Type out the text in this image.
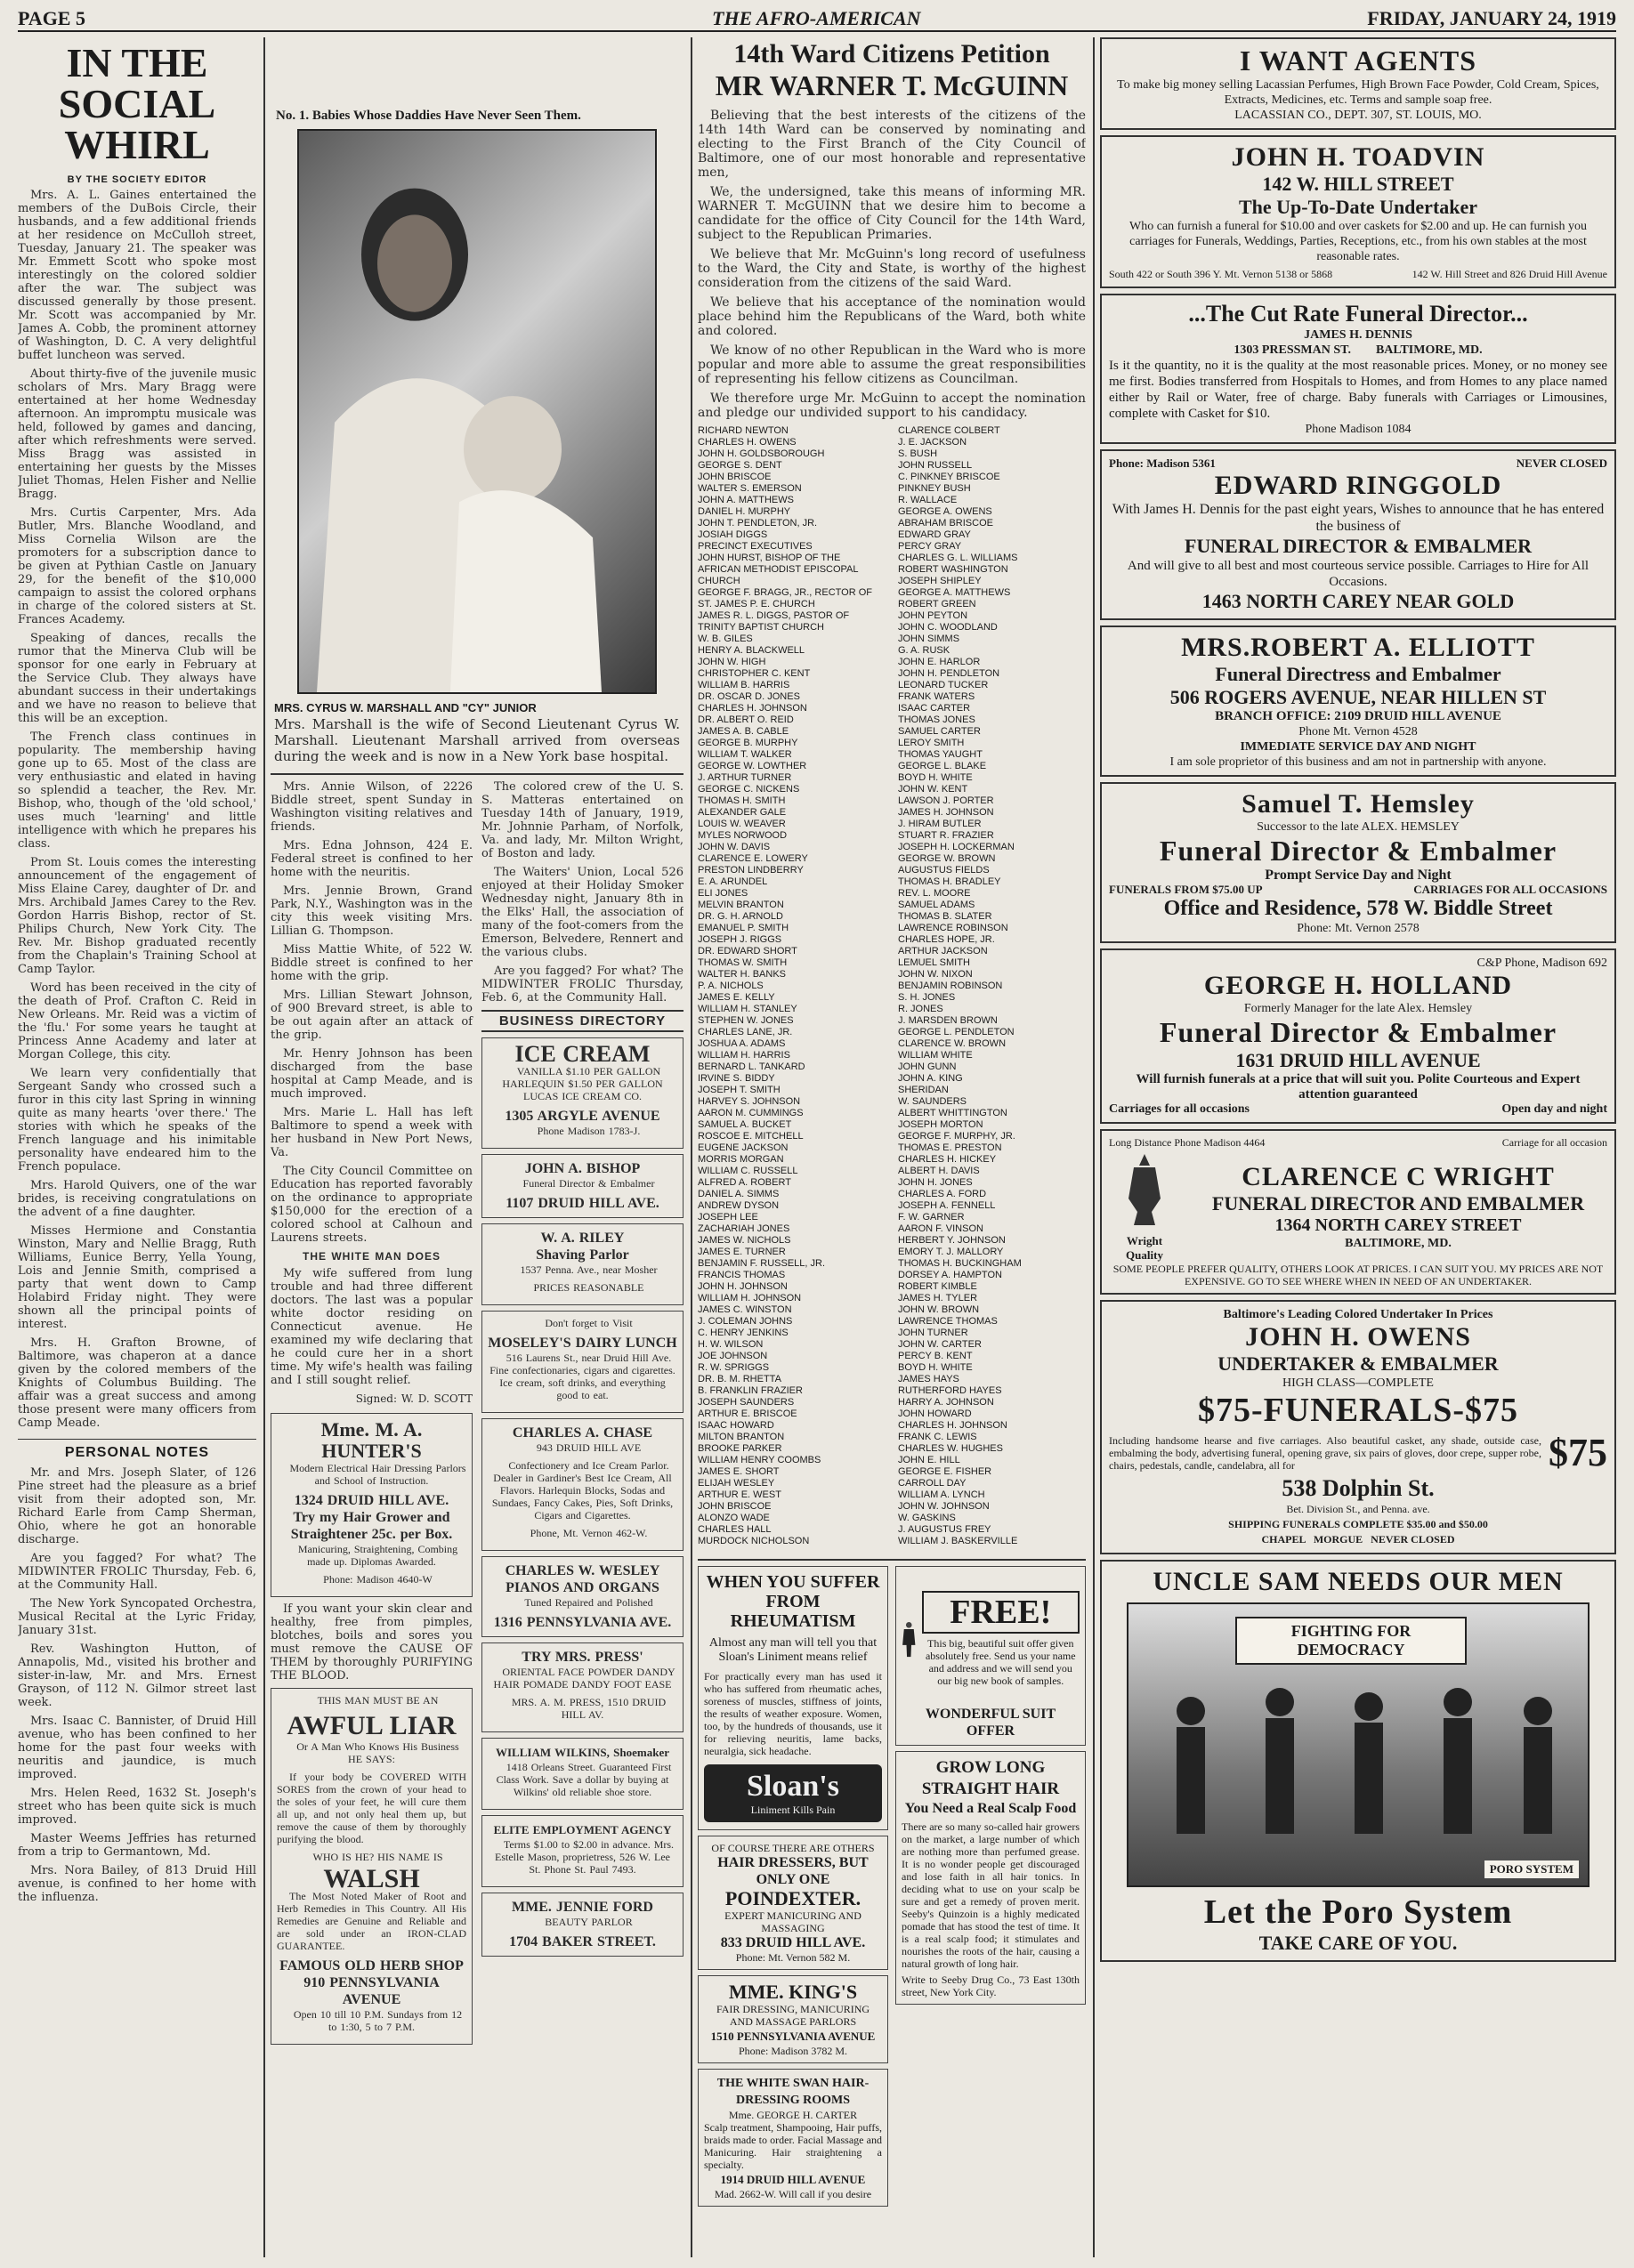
PAGE 5	THE AFRO-AMERICAN	FRIDAY, JANUARY 24, 1919
IN THE SOCIAL WHIRL
BY THE SOCIETY EDITOR

Mrs. A. L. Gaines entertained the members of the DuBois Circle, their husbands, and a few additional friends at her residence on McCulloh street, Tuesday, January 21. The speaker was Mr. Emmett Scott who spoke most interestingly on the colored soldier after the war. The subject was discussed generally by those present. Mr. Scott was accompanied by Mr. James A. Cobb, the prominent attorney of Washington, D. C. A very delightful buffet luncheon was served.

About thirty-five of the juvenile music scholars of Mrs. Mary Bragg were entertained at her home Wednesday afternoon. An impromptu musicale was held, followed by games and dancing, after which refreshments were served. Miss Bragg was assisted in entertaining her guests by the Misses Juliet Thomas, Helen Fisher and Nellie Bragg.

Mrs. Curtis Carpenter, Mrs. Ada Butler, Mrs. Blanche Woodland, and Miss Cornelia Wilson are the promoters for a subscription dance to be given at Pythian Castle on January 29, for the benefit of the $10,000 campaign to assist the colored orphans in charge of the colored sisters at St. Frances Academy.

Speaking of dances, recalls the rumor that the Minerva Club will be sponsor for one early in February at the Service Club. They always have abundant success in their undertakings and we have no reason to believe that this will be an exception.

The French class continues in popularity. The membership having gone up to 65. Most of the class are very enthusiastic and elated in having so splendid a teacher, the Rev. Mr. Bishop, who, though of the 'old school,' uses much 'learning' and little intelligence with which he prepares his class.

Prom St. Louis comes the interesting announcement of the engagement of Miss Elaine Carey, daughter of Dr. and Mrs. Archibald James Carey to the Rev. Gordon Harris Bishop, rector of St. Philips Church, New York City. The Rev. Mr. Bishop graduated recently from the Chaplain's Training School at Camp Taylor.

Word has been received in the city of the death of Prof. Crafton C. Reid in New Orleans. Mr. Reid was a victim of the 'flu.' For some years he taught at Princess Anne Academy and later at Morgan College, this city.

We learn very confidentially that Sergeant Sandy who crossed such a furor in this city last Spring in winning quite as many hearts 'over there.' The stories with which he speaks of the French language and his inimitable personality have endeared him to the French populace.

Mrs. Harold Quivers, one of the war brides, is receiving congratulations on the advent of a fine daughter.

Misses Hermione and Constantia Winston, Mary and Nellie Bragg, Ruth Williams, Eunice Berry, Yella Young, Lois and Jennie Smith, comprised a party that went down to Camp Holabird Friday night. They were shown all the principal points of interest.

Mrs. H. Grafton Browne, of Baltimore, was chaperon at a dance given by the colored members of the Knights of Columbus Building. The affair was a great success and among those present were many officers from Camp Meade.

PERSONAL NOTES

Mr. and Mrs. Joseph Slater, of 126 Pine street had the pleasure as a brief visit from their adopted son, Mr. Richard Earle from Camp Sherman, Ohio, where he got an honorable discharge.

Are you fagged? For what? The MIDWINTER FROLIC Thursday, Feb. 6, at the Community Hall.

The New York Syncopated Orchestra, Musical Recital at the Lyric Friday, January 31st.

Rev. Washington Hutton, of Annapolis, Md., visited his brother and sister-in-law, Mr. and Mrs. Ernest Grayson, of 112 N. Gilmor street last week.

Mrs. Isaac C. Bannister, of Druid Hill avenue, who has been confined to her home for the past four weeks with neuritis and jaundice, is much improved.

Mrs. Helen Reed, 1632 St. Joseph's street who has been quite sick is much improved.

Master Weems Jeffries has returned from a trip to Germantown, Md.

Mrs. Nora Bailey, of 813 Druid Hill avenue, is confined to her home with the influenza.

No. 1. Babies Whose Daddies Have Never Seen Them.
MRS. CYRUS W. MARSHALL AND "CY" JUNIOR
Mrs. Marshall is the wife of Second Lieutenant Cyrus W. Marshall. Lieutenant Marshall arrived from overseas during the week and is now in a New York base hospital.

Mrs. Annie Wilson, of 2226 Biddle street, spent Sunday in Washington visiting relatives and friends.

Mrs. Edna Johnson, 424 E. Federal street is confined to her home with the neuritis.

Mrs. Jennie Brown, Grand Park, N.Y., Washington was in the city this week visiting Mrs. Lillian G. Thompson.

Miss Mattie White, of 522 W. Biddle street is confined to her home with the grip.

Mrs. Lillian Stewart Johnson, of 900 Brevard street, is able to be out again after an attack of the grip.

Mr. Henry Johnson has been discharged from the base hospital at Camp Meade, and is much improved.

Mrs. Marie L. Hall has left Baltimore to spend a week with her husband in New Port News, Va.

The City Council Committee on Education has reported favorably on the ordinance to appropriate $150,000 for the erection of a colored school at Calhoun and Laurens streets.

THE WHITE MAN DOES

My wife suffered from lung trouble and had three different doctors. The last was a popular white doctor residing on Connecticut avenue. He examined my wife declaring that he could cure her in a short time. My wife's health was failing and I still sought relief.

Signed: W. D. SCOTT
Mme. M. A. HUNTER'S

Modern Electrical Hair Dressing Parlors and School of Instruction.

1324 DRUID HILL AVE.
Try my Hair Grower and Straightener 25c. per Box.

Manicuring, Straightening, Combing made up. Diplomas Awarded.

Phone: Madison 4640-W

If you want your skin clear and healthy, free from pimples, blotches, boils and sores you must remove the CAUSE OF THEM by thoroughly PURIFYING THE BLOOD.

THIS MAN MUST BE AN

AWFUL LIAR

Or A Man Who Knows His Business HE SAYS:

If your body be COVERED WITH SORES from the crown of your head to the soles of your feet, he will cure them all up, and not only heal them up, but remove the cause of them by thoroughly purifying the blood.

WHO IS HE? HIS NAME IS

WALSH

The Most Noted Maker of Root and Herb Remedies in This Country. All His Remedies are Genuine and Reliable and are sold under an IRON-CLAD GUARANTEE.

FAMOUS OLD HERB SHOP
910 PENNSYLVANIA AVENUE

Open 10 till 10 P.M. Sundays from 12 to 1:30, 5 to 7 P.M.

The colored crew of the U. S. S. Matteras entertained on Tuesday 14th of January, 1919, Mr. Johnnie Parham, of Norfolk, Va. and lady, Mr. Milton Wright, of Boston and lady.

The Waiters' Union, Local 526 enjoyed at their Holiday Smoker Wednesday night, January 8th in the Elks' Hall, the association of many of the foot-comers from the Emerson, Belvedere, Rennert and the various clubs.

Are you fagged? For what? The MIDWINTER FROLIC Thursday, Feb. 6, at the Community Hall.

BUSINESS DIRECTORY
ICE CREAM

VANILLA $1.10 PER GALLON HARLEQUIN $1.50 PER GALLON LUCAS ICE CREAM CO.

1305 ARGYLE AVENUE

Phone Madison 1783-J.

JOHN A. BISHOP

Funeral Director & Embalmer

1107 DRUID HILL AVE.
W. A. RILEY
Shaving Parlor

1537 Penna. Ave., near Mosher

PRICES REASONABLE

Don't forget to Visit

MOSELEY'S DAIRY LUNCH

516 Laurens St., near Druid Hill Ave. Fine confectionaries, cigars and cigarettes. Ice cream, soft drinks, and everything good to eat.

CHARLES A. CHASE

943 DRUID HILL AVE

Confectionery and Ice Cream Parlor. Dealer in Gardiner's Best Ice Cream, All Flavors. Harlequin Blocks, Sodas and Sundaes, Fancy Cakes, Pies, Soft Drinks, Cigars and Cigarettes.

Phone, Mt. Vernon 462-W.

CHARLES W. WESLEY
PIANOS AND ORGANS

Tuned Repaired and Polished

1316 PENNSYLVANIA AVE.
TRY MRS. PRESS'

ORIENTAL FACE POWDER DANDY HAIR POMADE DANDY FOOT EASE

MRS. A. M. PRESS, 1510 DRUID HILL AV.

WILLIAM WILKINS, Shoemaker

1418 Orleans Street. Guaranteed First Class Work. Save a dollar by buying at Wilkins' old reliable shoe store.

ELITE EMPLOYMENT AGENCY

Terms $1.00 to $2.00 in advance. Mrs. Estelle Mason, proprietress, 526 W. Lee St. Phone St. Paul 7493.

MME. JENNIE FORD

BEAUTY PARLOR

1704 BAKER STREET.
14th Ward Citizens Petition
MR WARNER T. McGUINN

Believing that the best interests of the citizens of the 14th 14th Ward can be conserved by nominating and electing to the First Branch of the City Council of Baltimore, one of our most honorable and representative men,

We, the undersigned, take this means of informing MR. WARNER T. McGUINN that we desire him to become a candidate for the office of City Council for the 14th Ward, subject to the Republican Primaries.

We believe that Mr. McGuinn's long record of usefulness to the Ward, the City and State, is worthy of the highest consideration from the citizens of the said Ward.

We believe that his acceptance of the nomination would place behind him the Republicans of the Ward, both white and colored.

We know of no other Republican in the Ward who is more popular and more able to assume the great responsibilities of representing his fellow citizens as Councilman.

We therefore urge Mr. McGuinn to accept the nomination and pledge our undivided support to his candidacy.

RICHARD NEWTON
CHARLES H. OWENS
JOHN H. GOLDSBOROUGH
GEORGE S. DENT
JOHN BRISCOE
WALTER S. EMERSON
JOHN A. MATTHEWS
DANIEL H. MURPHY
JOHN T. PENDLETON, JR.
JOSIAH DIGGS
PRECINCT EXECUTIVES
JOHN HURST, BISHOP OF THE AFRICAN METHODIST EPISCOPAL CHURCH
GEORGE F. BRAGG, JR., RECTOR OF ST. JAMES P. E. CHURCH
JAMES R. L. DIGGS, PASTOR OF TRINITY BAPTIST CHURCH
W. B. GILES
HENRY A. BLACKWELL
JOHN W. HIGH
CHRISTOPHER C. KENT
WILLIAM B. HARRIS
DR. OSCAR D. JONES
CHARLES H. JOHNSON
DR. ALBERT O. REID
JAMES A. B. CABLE
GEORGE B. MURPHY
WILLIAM T. WALKER
GEORGE W. LOWTHER
J. ARTHUR TURNER
GEORGE C. NICKENS
THOMAS H. SMITH
ALEXANDER GALE
LOUIS W. WEAVER
MYLES NORWOOD
JOHN W. DAVIS
CLARENCE E. LOWERY
PRESTON LINDBERRY
E. A. ARUNDEL
ELI JONES
MELVIN BRANTON
DR. G. H. ARNOLD
EMANUEL P. SMITH
JOSEPH J. RIGGS
DR. EDWARD SHORT
THOMAS W. SMITH
WALTER H. BANKS
P. A. NICHOLS
JAMES E. KELLY
WILLIAM H. STANLEY
STEPHEN W. JONES
CHARLES LANE, JR.
JOSHUA A. ADAMS
WILLIAM H. HARRIS
BERNARD L. TANKARD
IRVINE S. BIDDY
JOSEPH T. SMITH
HARVEY S. JOHNSON
AARON M. CUMMINGS
SAMUEL A. BUCKET
ROSCOE E. MITCHELL
EUGENE JACKSON
MORRIS MORGAN
WILLIAM C. RUSSELL
ALFRED A. ROBERT
DANIEL A. SIMMS
ANDREW DYSON
JOSEPH LEE
ZACHARIAH JONES
JAMES W. NICHOLS
JAMES E. TURNER
BENJAMIN F. RUSSELL, JR.
FRANCIS THOMAS
JOHN H. JOHNSON
WILLIAM H. JOHNSON
JAMES C. WINSTON
J. COLEMAN JOHNS
C. HENRY JENKINS
H. W. WILSON
JOE JOHNSON
R. W. SPRIGGS
DR. B. M. RHETTA
B. FRANKLIN FRAZIER
JOSEPH SAUNDERS
ARTHUR E. BRISCOE
ISAAC HOWARD
MILTON BRANTON
BROOKE PARKER
WILLIAM HENRY COOMBS
JAMES E. SHORT
ELIJAH WESLEY
ARTHUR E. WEST
JOHN BRISCOE
ALONZO WADE
CHARLES HALL
MURDOCK NICHOLSON
CLARENCE COLBERT
J. E. JACKSON
S. BUSH
JOHN RUSSELL
C. PINKNEY BRISCOE
PINKNEY BUSH
R. WALLACE
GEORGE A. OWENS
ABRAHAM BRISCOE
EDWARD GRAY
PERCY GRAY
CHARLES G. L. WILLIAMS
ROBERT WASHINGTON
JOSEPH SHIPLEY
GEORGE A. MATTHEWS
ROBERT GREEN
JOHN PEYTON
JOHN C. WOODLAND
JOHN SIMMS
G. A. RUSK
JOHN E. HARLOR
JOHN H. PENDLETON
LEONARD TUCKER
FRANK WATERS
ISAAC CARTER
THOMAS JONES
SAMUEL CARTER
LEROY SMITH
THOMAS YAUGHT
GEORGE L. BLAKE
BOYD H. WHITE
JOHN W. KENT
LAWSON J. PORTER
JAMES H. JOHNSON
J. HIRAM BUTLER
STUART R. FRAZIER
JOSEPH H. LOCKERMAN
GEORGE W. BROWN
AUGUSTUS FIELDS
THOMAS H. BRADLEY
REV. L. MOORE
SAMUEL ADAMS
THOMAS B. SLATER
LAWRENCE ROBINSON
CHARLES HOPE, JR.
ARTHUR JACKSON
LEMUEL SMITH
JOHN W. NIXON
BENJAMIN ROBINSON
S. H. JONES
R. JONES
J. MARSDEN BROWN
GEORGE L. PENDLETON
CLARENCE W. BROWN
WILLIAM WHITE
JOHN GUNN
JOHN A. KING
SHERIDAN
W. SAUNDERS
ALBERT WHITTINGTON
JOSEPH MORTON
GEORGE F. MURPHY, JR.
THOMAS E. PRESTON
CHARLES H. HICKEY
ALBERT H. DAVIS
JOHN H. JONES
CHARLES A. FORD
JOSEPH A. FENNELL
F. W. GARNER
AARON F. VINSON
HERBERT Y. JOHNSON
EMORY T. J. MALLORY
THOMAS H. BUCKINGHAM
DORSEY A. HAMPTON
ROBERT KIMBLE
JAMES H. TYLER
JOHN W. BROWN
LAWRENCE THOMAS
JOHN TURNER
JOHN W. CARTER
PERCY B. KENT
BOYD H. WHITE
JAMES HAYS
RUTHERFORD HAYES
HARRY A. JOHNSON
JOHN HOWARD
CHARLES H. JOHNSON
FRANK C. LEWIS
CHARLES W. HUGHES
JOHN E. HILL
GEORGE E. FISHER
CARROLL DAY
WILLIAM A. LYNCH
JOHN W. JOHNSON
W. GASKINS
J. AUGUSTUS FREY
WILLIAM J. BASKERVILLE
WHEN YOU SUFFER FROM RHEUMATISM

Almost any man will tell you that Sloan's Liniment means relief

For practically every man has used it who has suffered from rheumatic aches, soreness of muscles, stiffness of joints, the results of weather exposure. Women, too, by the hundreds of thousands, use it for relieving neuritis, lame backs, neuralgia, sick headache.

Sloan's
Liniment Kills Pain

OF COURSE THERE ARE OTHERS

HAIR DRESSERS, BUT ONLY ONE
POINDEXTER.

EXPERT MANICURING AND MASSAGING

833 DRUID HILL AVE.

Phone: Mt. Vernon 582 M.

MME. KING'S

FAIR DRESSING, MANICURING AND MASSAGE PARLORS

1510 PENNSYLVANIA AVENUE

Phone: Madison 3782 M.

THE WHITE SWAN HAIR-DRESSING ROOMS

Mme. GEORGE H. CARTER

Scalp treatment, Shampooing, Hair puffs, braids made to order. Facial Massage and Manicuring. Hair straightening a specialty.

1914 DRUID HILL AVENUE

Mad. 2662-W. Will call if you desire

FREE!

This big, beautiful suit offer given absolutely free. Send us your name and address and we will send you our big new book of samples.

WONDERFUL SUIT OFFER
GROW LONG STRAIGHT HAIR
You Need a Real Scalp Food

There are so many so-called hair growers on the market, a large number of which are nothing more than perfumed grease. It is no wonder people get discouraged and lose faith in all hair tonics. In deciding what to use on your scalp be sure and get a remedy of proven merit. Seeby's Quinzoin is a highly medicated pomade that has stood the test of time. It is a real scalp food; it stimulates and nourishes the roots of the hair, causing a natural growth of long hair.

Write to Seeby Drug Co., 73 East 130th street, New York City.

I WANT AGENTS
To make big money selling Lacassian Perfumes, High Brown Face Powder, Cold Cream, Spices, Extracts, Medicines, etc. Terms and sample soap free.
LACASSIAN CO., DEPT. 307, ST. LOUIS, MO.
JOHN H. TOADVIN
142 W. HILL STREET
The Up-To-Date Undertaker
Who can furnish a funeral for $10.00 and over caskets for $2.00 and up. He can furnish you carriages for Funerals, Weddings, Parties, Receptions, etc., from his own stables at the most reasonable rates.
South 422 or South 396 Y. Mt. Vernon 5138 or 5868	142 W. Hill Street and 826 Druid Hill Avenue
...The Cut Rate Funeral Director...
JAMES H. DENNIS
1303 PRESSMAN ST.        BALTIMORE, MD.
Is it the quantity, no it is the quality at the most reasonable prices. Money, or no money see me first. Bodies transferred from Hospitals to Homes, and from Homes to any place named either by Rail or Water, free of charge. Baby funerals with Carriages or Limousines, complete with Casket for $10.
Phone Madison 1084
Phone: Madison 5361	NEVER CLOSED
EDWARD RINGGOLD
With James H. Dennis for the past eight years, Wishes to announce that he has entered the business of
FUNERAL DIRECTOR & EMBALMER
And will give to all best and most courteous service possible. Carriages to Hire for All Occasions.
1463 NORTH CAREY NEAR GOLD
MRS.ROBERT A. ELLIOTT
Funeral Directress and Embalmer
506 ROGERS AVENUE, NEAR HILLEN ST
BRANCH OFFICE: 2109 DRUID HILL AVENUE
Phone Mt. Vernon 4528
IMMEDIATE SERVICE DAY AND NIGHT
I am sole proprietor of this business and am not in partnership with anyone.
Samuel T. Hemsley
Successor to the late ALEX. HEMSLEY
Funeral Director & Embalmer
Prompt Service Day and Night
FUNERALS FROM $75.00 UP	CARRIAGES FOR ALL OCCASIONS
Office and Residence, 578 W. Biddle Street
Phone: Mt. Vernon 2578
C&P Phone, Madison 692
GEORGE H. HOLLAND
Formerly Manager for the late Alex. Hemsley
Funeral Director & Embalmer
1631 DRUID HILL AVENUE
Will furnish funerals at a price that will suit you. Polite Courteous and Expert attention guaranteed
Carriages for all occasions	Open day and night
Long Distance Phone Madison 4464	Carriage for all occasion
Wright Quality
CLARENCE C WRIGHT
FUNERAL DIRECTOR AND EMBALMER
1364 NORTH CAREY STREET
BALTIMORE, MD.
SOME PEOPLE PREFER QUALITY, OTHERS LOOK AT PRICES. I CAN SUIT YOU. MY PRICES ARE NOT EXPENSIVE. GO TO SEE WHERE WHEN IN NEED OF AN UNDERTAKER.
Baltimore's Leading Colored Undertaker In Prices
JOHN H. OWENS
UNDERTAKER & EMBALMER
HIGH CLASS—COMPLETE
$75-FUNERALS-$75
Including handsome hearse and five carriages. Also beautiful casket, any shade, outside case, embalming the body, advertising funeral, opening grave, six pairs of gloves, door crepe, supper robe, chairs, pedestals, candle, candelabra, all for	$75
538 Dolphin St.
Bet. Division St., and Penna. ave.
SHIPPING FUNERALS COMPLETE $35.00 and $50.00
CHAPEL   MORGUE   NEVER CLOSED
UNCLE SAM NEEDS OUR MEN
FIGHTING FOR DEMOCRACY
PORO SYSTEM
Let the Poro System
TAKE CARE OF YOU.
